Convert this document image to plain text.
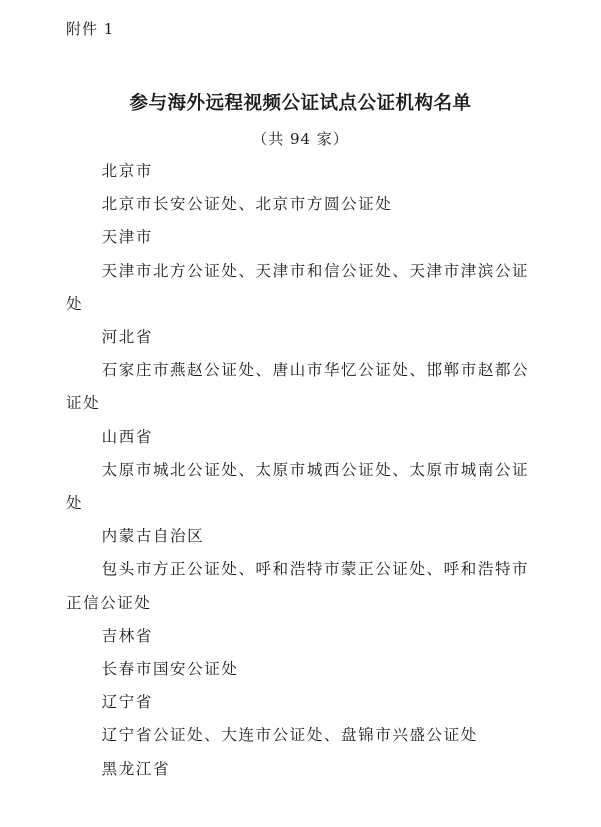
附件 1
参与海外远程视频公证试点公证机构名单
（共 94 家）

北京市

北京市长安公证处、北京市方圆公证处

天津市

天津市北方公证处、天津市和信公证处、天津市津滨公证处

河北省

石家庄市燕赵公证处、唐山市华忆公证处、邯郸市赵都公证处

山西省

太原市城北公证处、太原市城西公证处、太原市城南公证处

内蒙古自治区

包头市方正公证处、呼和浩特市蒙正公证处、呼和浩特市正信公证处

吉林省

长春市国安公证处

辽宁省

辽宁省公证处、大连市公证处、盘锦市兴盛公证处

黑龙江省
